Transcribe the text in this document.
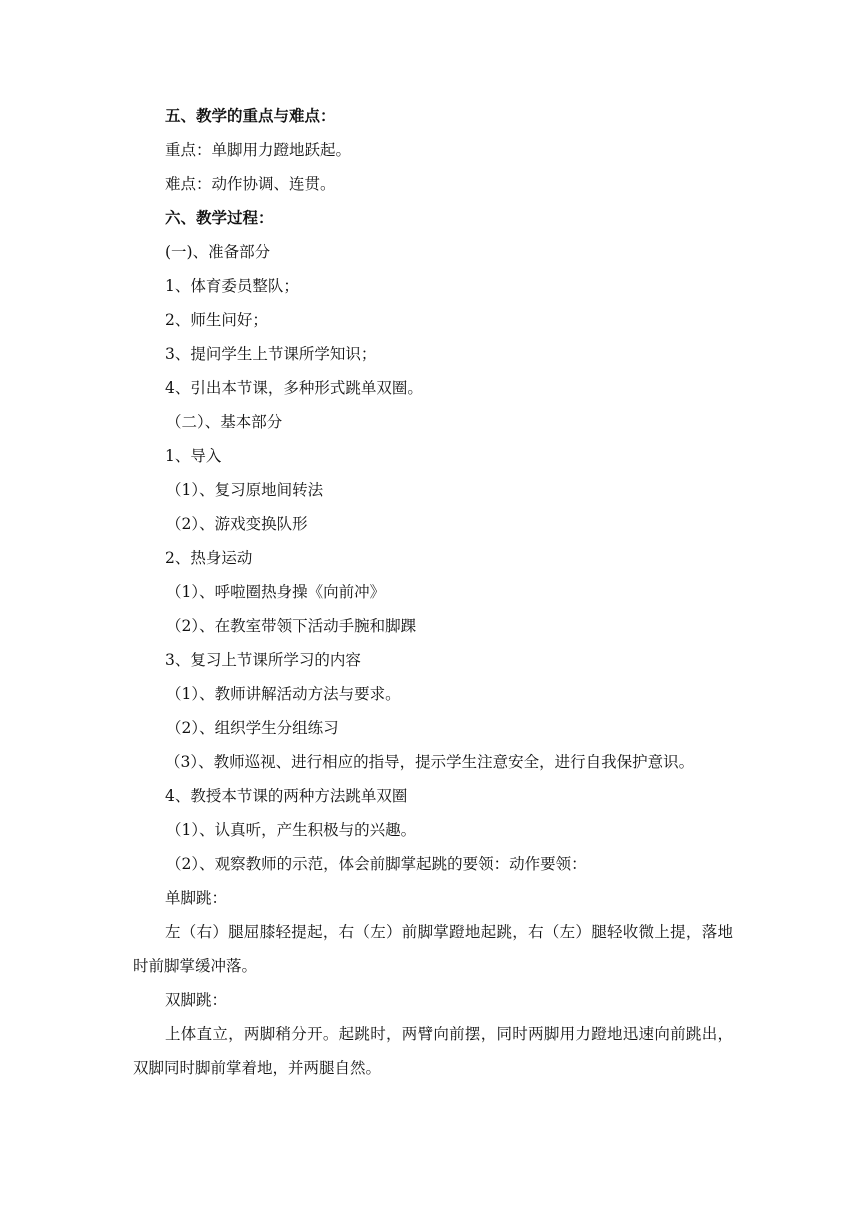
五、教学的重点与难点：

重点：单脚用力蹬地跃起。

难点：动作协调、连贯。

六、教学过程：

(一)、准备部分

1、体育委员整队；

2、师生问好；

3、提问学生上节课所学知识；

4、引出本节课，多种形式跳单双圈。

（二）、基本部分

1、导入

（1）、复习原地间转法

（2）、游戏变换队形

2、热身运动

（1）、呼啦圈热身操《向前冲》

（2）、在教室带领下活动手腕和脚踝

3、复习上节课所学习的内容

（1）、教师讲解活动方法与要求。

（2）、组织学生分组练习

（3）、教师巡视、进行相应的指导，提示学生注意安全，进行自我保护意识。

4、教授本节课的两种方法跳单双圈

（1）、认真听，产生积极与的兴趣。

（2）、观察教师的示范，体会前脚掌起跳的要领：动作要领：

单脚跳：

左（右）腿屈膝轻提起，右（左）前脚掌蹬地起跳，右（左）腿轻收微上提，落地时前脚掌缓冲落。

双脚跳：

上体直立，两脚稍分开。起跳时，两臂向前摆，同时两脚用力蹬地迅速向前跳出，双脚同时脚前掌着地，并两腿自然。
